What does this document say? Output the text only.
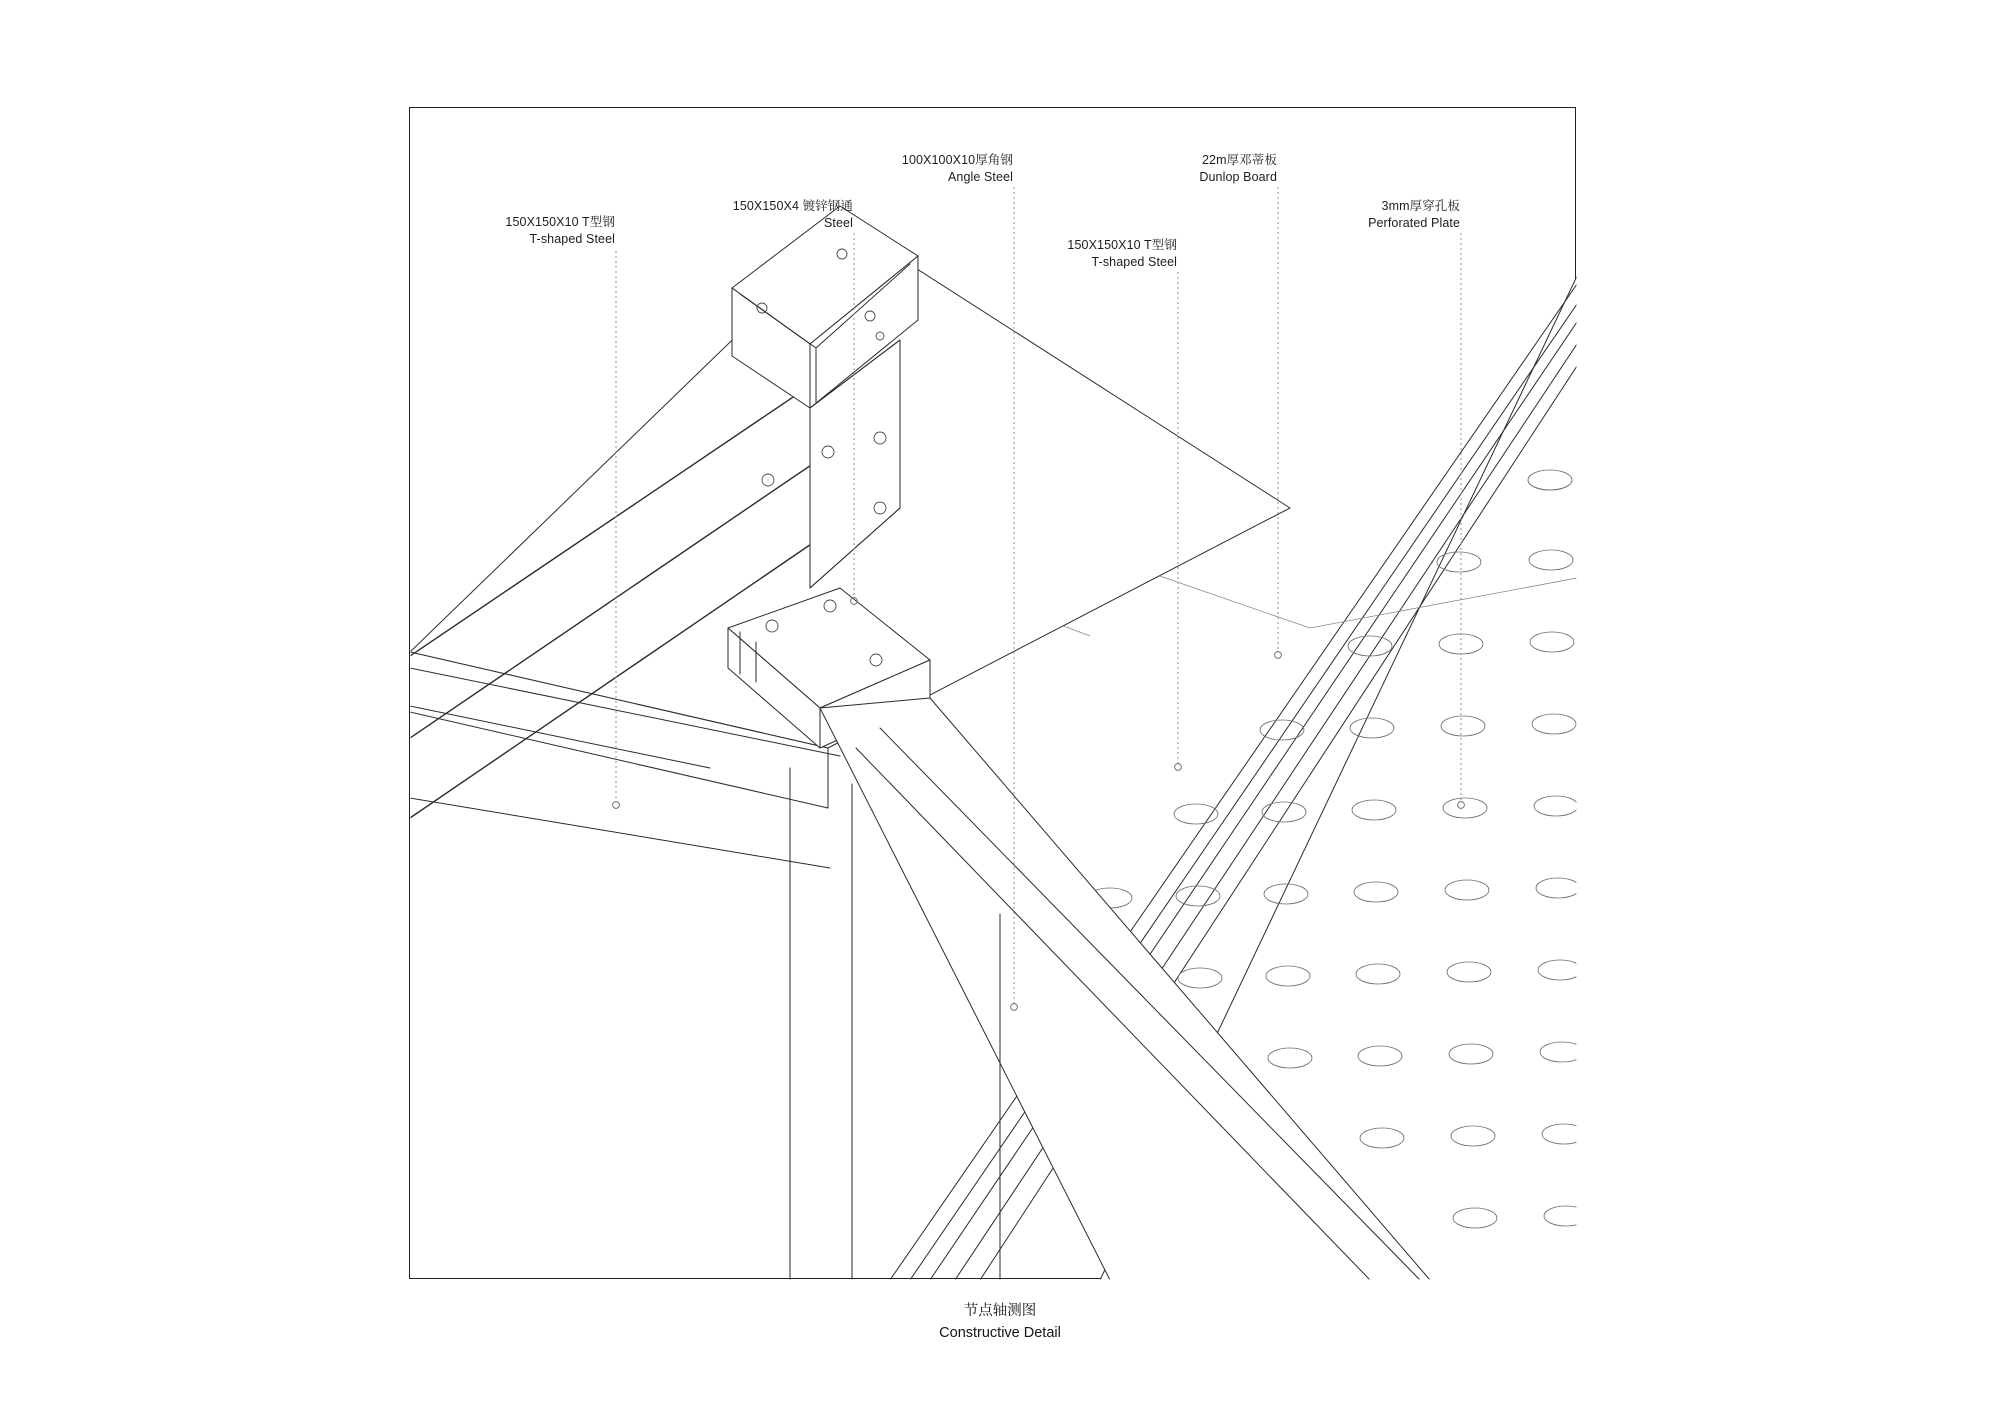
150X150X10 T型钢
T-shaped Steel
150X150X4 镀锌钢通
Steel
100X100X10厚角钢
Angle Steel
150X150X10 T型钢
T-shaped Steel
22m厚邓蒂板
Dunlop Board
3mm厚穿孔板
Perforated Plate
节点轴测图
Constructive Detail
